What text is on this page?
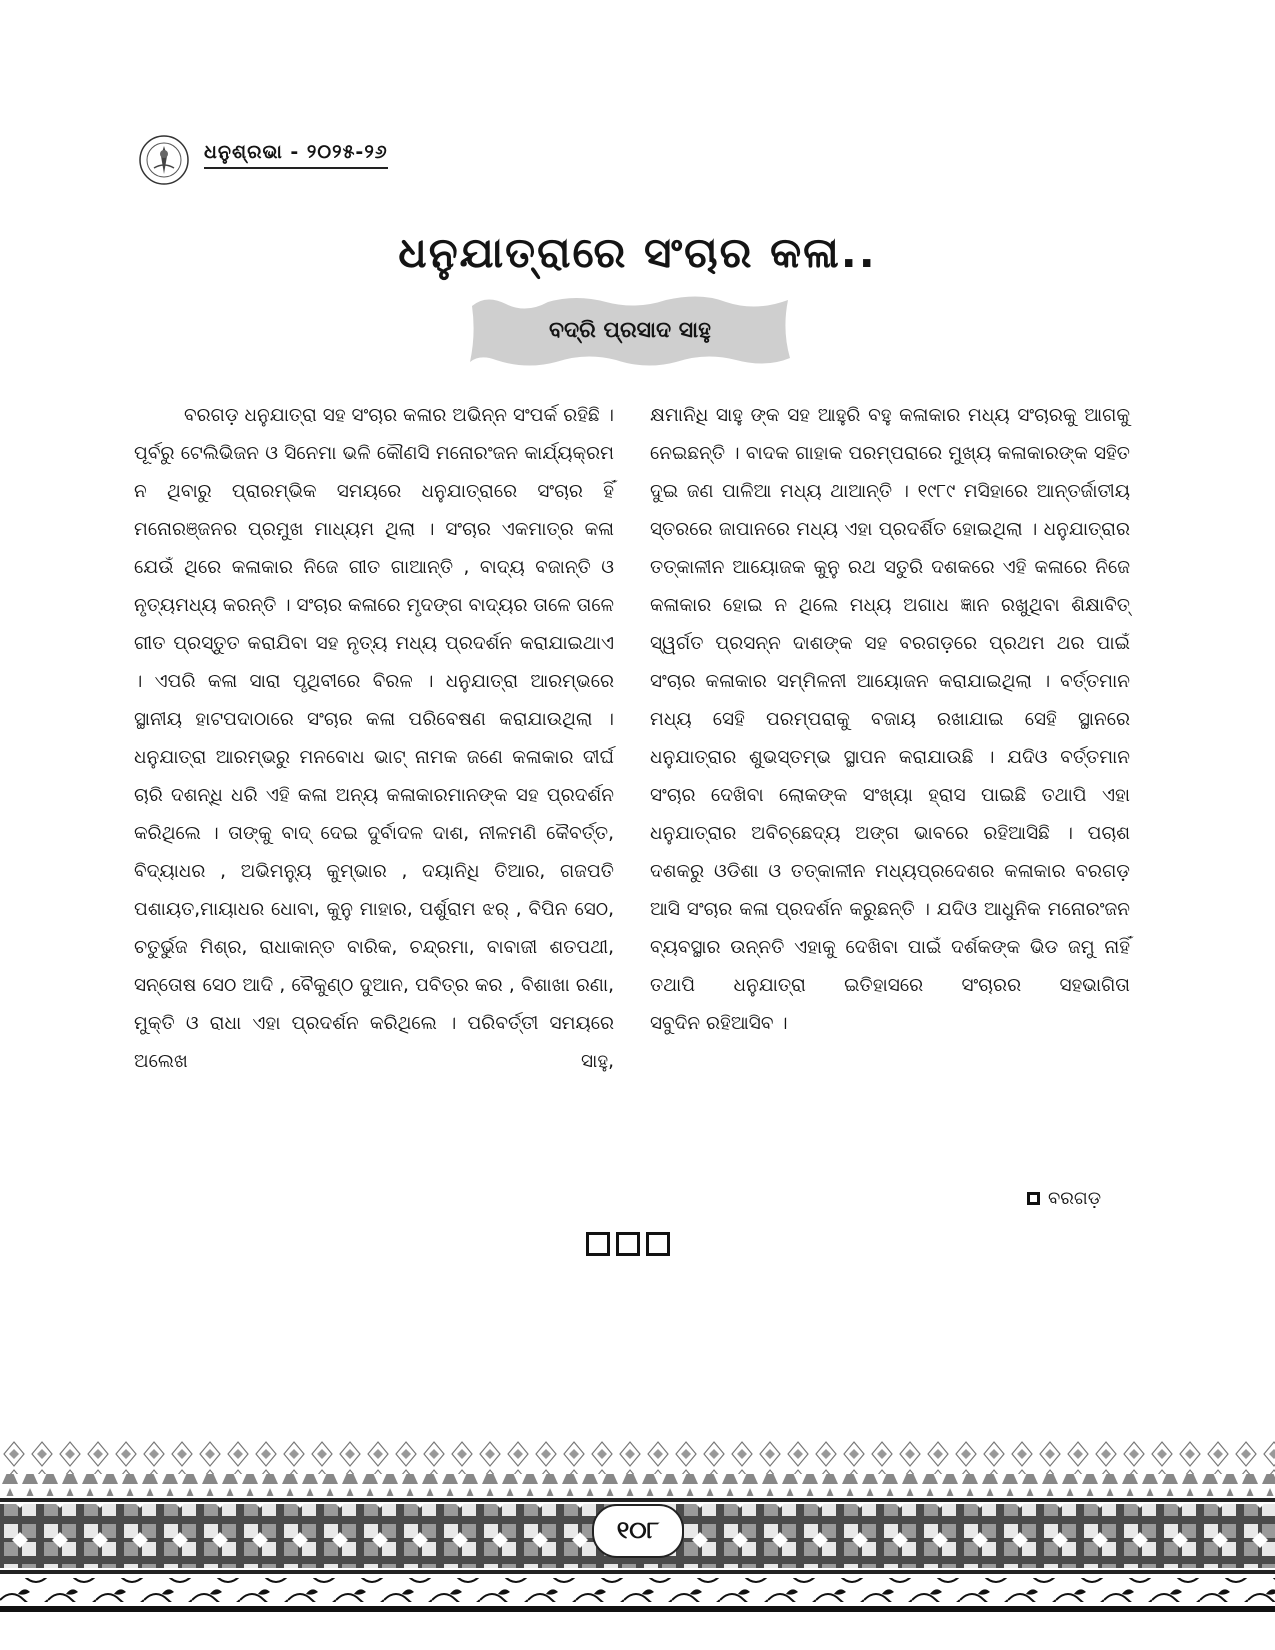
ଧନୁଶ୍ରଭା - ୨୦୨୫-୨୬
ଧନୁଯାତ୍ରାରେ ସଂଚାର କଳା..
ବଦ୍ରି ପ୍ରସାଦ ସାହୁ
ବରଗଡ଼ ଧନୁଯାତ୍ରା ସହ ସଂଚାର କଳାର ଅଭିନ୍ନ ସଂପର୍କ ରହିଛି । ପୂର୍ବରୁ ଟେଲିଭିଜନ ଓ ସିନେମା ଭଳି କୌଣସି ମନୋରଂଜନ କାର୍ଯ୍ୟକ୍ରମ ନ ଥିବାରୁ ପ୍ରାରମ୍ଭିକ ସମୟରେ ଧନୁଯାତ୍ରାରେ ସଂଚାର ହିଁ ମନୋରଞ୍ଜନର ପ୍ରମୁଖ ମାଧ୍ୟମ ଥିଲା । ସଂଚାର ଏକମାତ୍ର କଳା ଯେଉଁ ଥିରେ କଳାକାର ନିଜେ ଗୀତ ଗାଆନ୍ତି , ବାଦ୍ୟ ବଜାନ୍ତି ଓ ନୃତ୍ୟମଧ୍ୟ କରନ୍ତି । ସଂଚାର କଳାରେ ମୃଦଙ୍ଗ ବାଦ୍ୟର ତାଳେ ତାଳେ ଗୀତ ପ୍ରସ୍ତୁତ କରାଯିବା ସହ ନୃତ୍ୟ ମଧ୍ୟ ପ୍ରଦର୍ଶନ କରାଯାଇଥାଏ । ଏପରି କଳା ସାରା ପୃଥିବୀରେ ବିରଳ । ଧନୁଯାତ୍ରା ଆରମ୍ଭରେ ସ୍ଥାନୀୟ ହାଟପଦାଠାରେ ସଂଚାର କଳା ପରିବେଷଣ କରାଯାଉଥିଲା । ଧନୁଯାତ୍ରା ଆରମ୍ଭରୁ ମନବୋଧ ଭାଟ୍ ନାମକ ଜଣେ କଳାକାର ଦୀର୍ଘ ଚାରି ଦଶନ୍ଧି ଧରି ଏହି କଳା ଅନ୍ୟ କଳାକାରମାନଙ୍କ ସହ ପ୍ରଦର୍ଶନ କରିଥିଲେ । ତାଙ୍କୁ ବାଦ୍ ଦେଇ ଦୁର୍ବାଦଳ ଦାଶ, ନୀଳମଣି କୈବର୍ତ୍ତ, ବିଦ୍ୟାଧର , ଅଭିମନ୍ୟୁ କୁମ୍ଭାର , ଦୟାନିଧି ତିଆର, ଗଜପତି ପଶାୟତ,ମାୟାଧର ଧୋବା, କୁନୁ ମାହାର, ପର୍ଶୁରାମ ଝର୍ , ବିପିନ ସେଠ, ଚତୁର୍ଭୁଜ ମିଶ୍ର, ରାଧାକାନ୍ତ ବାରିକ, ଚନ୍ଦ୍ରମା, ବାବାଜୀ ଶତପଥୀ, ସନ୍ତୋଷ ସେଠ ଆଦି , ବୈକୁଣ୍ଠ ଦୁଆନ, ପବିତ୍ର କର , ବିଶାଖା ରଣା, ମୁକ୍ତି ଓ ରାଧା ଏହା ପ୍ରଦର୍ଶନ କରିଥିଲେ । ପରିବର୍ତ୍ତୀ ସମୟରେ ଅଲେଖ ସାହୁ,
କ୍ଷମାନିଧି ସାହୁ ଙ୍କ ସହ ଆହୁରି ବହୁ କଳାକାର ମଧ୍ୟ ସଂଚାରକୁ ଆଗକୁ ନେଇଛନ୍ତି । ବାଦକ ଗାହାକ ପରମ୍ପରାରେ ମୁଖ୍ୟ କଳାକାରଙ୍କ ସହିତ ଦୁଇ ଜଣ ପାଳିଆ ମଧ୍ୟ ଥାଆନ୍ତି । ୧୯୮୯ ମସିହାରେ ଆନ୍ତର୍ଜାତୀୟ ସ୍ତରରେ ଜାପାନରେ ମଧ୍ୟ ଏହା ପ୍ରଦର୍ଶିତ ହୋଇଥିଲା । ଧନୁଯାତ୍ରାର ତତ୍କାଳୀନ ଆୟୋଜକ କୁନୁ ରଥ ସତୁରି ଦଶକରେ ଏହି କଳାରେ ନିଜେ କଳାକାର ହୋଇ ନ ଥିଲେ ମଧ୍ୟ ଅଗାଧ ଜ୍ଞାନ ରଖୁଥିବା ଶିକ୍ଷାବିତ୍ ସ୍ୱର୍ଗତ ପ୍ରସନ୍ନ ଦାଶଙ୍କ ସହ ବରଗଡ଼ରେ ପ୍ରଥମ ଥର ପାଇଁ ସଂଚାର କଳାକାର ସମ୍ମିଳନୀ ଆୟୋଜନ କରାଯାଇଥିଲା । ବର୍ତ୍ତମାନ ମଧ୍ୟ ସେହି ପରମ୍ପରାକୁ ବଜାୟ ରଖାଯାଇ ସେହି ସ୍ଥାନରେ ଧନୁଯାତ୍ରାର ଶୁଭସ୍ତମ୍ଭ ସ୍ଥାପନ କରାଯାଉଛି । ଯଦିଓ ବର୍ତ୍ତମାନ ସଂଚାର ଦେଖିବା ଲୋକଙ୍କ ସଂଖ୍ୟା ହ୍ରାସ ପାଇଛି ତଥାପି ଏହା ଧନୁଯାତ୍ରାର ଅବିଚ୍ଛେଦ୍ୟ ଅଙ୍ଗ ଭାବରେ ରହିଆସିଛି । ପଚାଶ ଦଶକରୁ ଓଡିଶା ଓ ତତ୍କାଳୀନ ମଧ୍ୟପ୍ରଦେଶର କଳାକାର ବରଗଡ଼ ଆସି ସଂଚାର କଳା ପ୍ରଦର୍ଶନ କରୁଛନ୍ତି । ଯଦିଓ ଆଧୁନିକ ମନୋରଂଜନ ବ୍ୟବସ୍ଥାର ଉନ୍ନତି ଏହାକୁ ଦେଖିବା ପାଇଁ ଦର୍ଶକଙ୍କ ଭିଡ ଜମୁ ନାହିଁ ତଥାପି ଧନୁଯାତ୍ରା ଇତିହାସରେ ସଂଚାରର ସହଭାଗିତା
ସବୁଦିନ ରହିଆସିବ ।
ବରଗଡ଼
୧୦୮
